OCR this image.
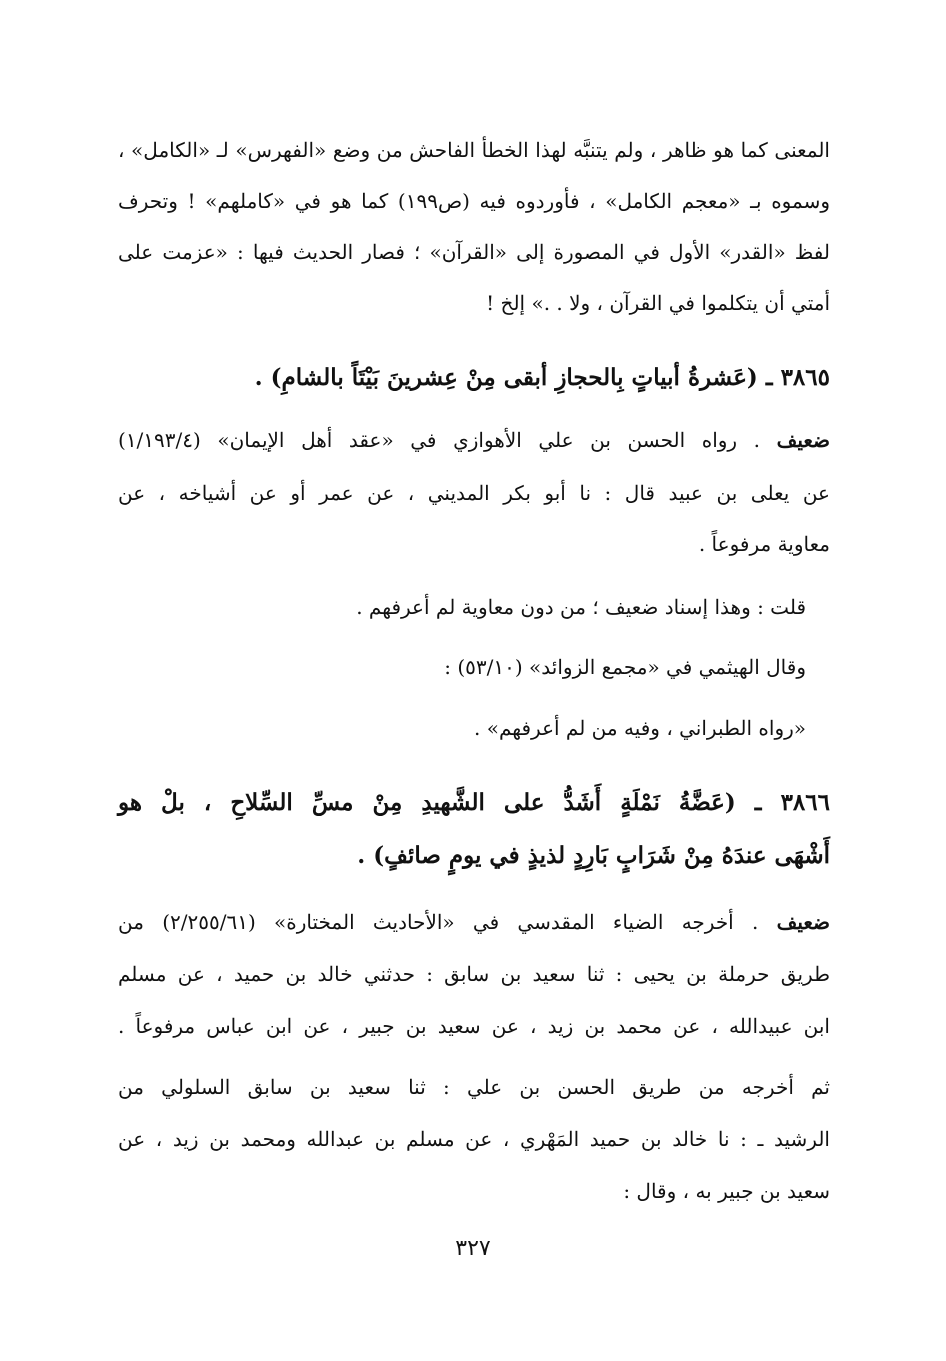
المعنى كما هو ظاهر ، ولم يتنبَّه لهذا الخطأ الفاحش من وضع «الفهرس» لـ «الكامل» ،
وسموه بـ «معجم الكامل» ، فأوردوه فيه (ص١٩٩) كما هو في «كاملهم» ! وتحرف
لفظ «القدر» الأول في المصورة إلى «القرآن» ؛ فصار الحديث فيها : «عزمت على
أمتي أن يتكلموا في القرآن ، ولا . .» إلخ !
٣٨٦٥ ـ (عَشرةُ أبياتٍ بِالحجازِ أبقى مِنْ عِشرينَ بَيْتَاً بالشامِ) .
ضعيف . رواه الحسن بن علي الأهوازي في «عقد أهل الإيمان» (١/١٩٣/٤)
عن يعلى بن عبيد قال : نا أبو بكر المديني ، عن عمر أو عن أشياخه ، عن
معاوية مرفوعاً .
قلت : وهذا إسناد ضعيف ؛ من دون معاوية لم أعرفهم .
وقال الهيثمي في «مجمع الزوائد» (٥٣/١٠) :
«رواه الطبراني ، وفيه من لم أعرفهم» .
٣٨٦٦ ـ (عَضَّةُ نَمْلَةٍ أَشَدُّ على الشَّهيدِ مِنْ مسِّ السِّلاحِ ، بلْ هو
أَشْهَى عندَهُ مِنْ شَرَابٍ بَارِدٍ لذيذٍ في يومٍ صائفٍ) .
ضعيف . أخرجه الضياء المقدسي في «الأحاديث المختارة» (٢/٢٥٥/٦١) من
طريق حرملة بن يحيى : ثنا سعيد بن سابق : حدثني خالد بن حميد ، عن مسلم
ابن عبيدالله ، عن محمد بن زيد ، عن سعيد بن جبير ، عن ابن عباس مرفوعاً .
ثم أخرجه من طريق الحسن بن علي : ثنا سعيد بن سابق السلولي من
الرشيد ـ : نا خالد بن حميد المَهْري ، عن مسلم بن عبدالله ومحمد بن زيد ، عن
سعيد بن جبير به ، وقال :
٣٢٧
